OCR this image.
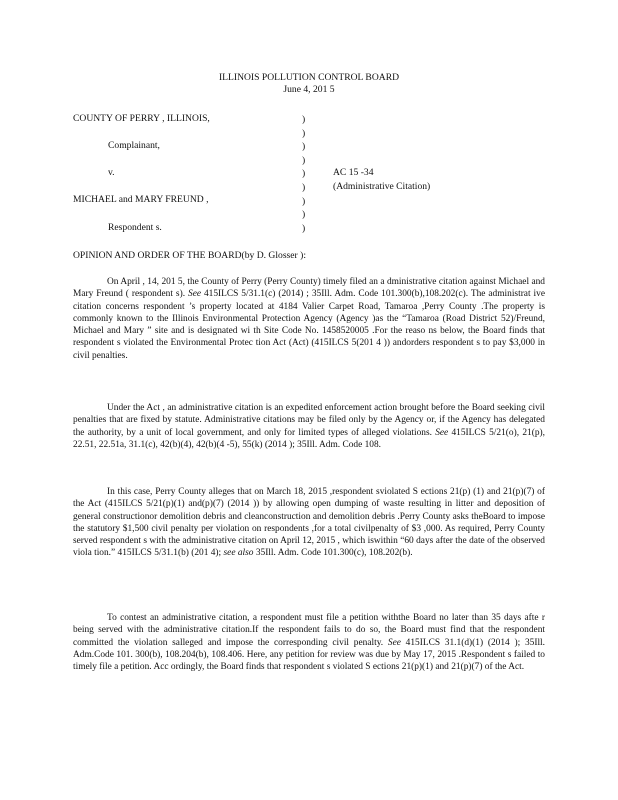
ILLINOIS POLLUTION CONTROL BOARD
June 4, 201 5
COUNTY OF PERRY , ILLINOIS,	)
)
)
)
)
)
)
)
)
Complainant,
v.	AC 15 -34
(Administrative Citation)
MICHAEL and MARY FREUND ,
Respondent s.
OPINION AND ORDER OF THE BOARD(by D. Glosser ):
On April , 14, 201 5, the County of Perry (Perry County) timely filed an a dministrative citation against Michael and Mary Freund ( respondent s). See 415ILCS 5/31.1(c) (2014) ; 35Ill. Adm. Code 101.300(b),108.202(c). The administrat ive citation concerns respondent ’s property located at 4184 Valier Carpet Road, Tamaroa ,Perry County .The property is commonly known to the Illinois Environmental Protection Agency (Agency )as the “Tamaroa (Road District 52)/Freund, Michael and Mary ” site and is designated wi th Site Code No. 1458520005 .For the reaso ns below, the Board finds that respondent s violated the Environmental Protec tion Act (Act) (415ILCS 5(201 4 )) andorders respondent s to pay $3,000 in civil penalties.
Under the Act , an administrative citation is an expedited enforcement action brought before the Board seeking civil penalties that are fixed by statute. Administrative citations may be filed only by the Agency or, if the Agency has delegated the authority, by a unit of local government, and only for limited types of alleged violations. See 415ILCS 5/21(o), 21(p), 22.51, 22.51a, 31.1(c), 42(b)(4), 42(b)(4 -5), 55(k) (2014 ); 35Ill. Adm. Code 108.
In this case, Perry County alleges that on March 18, 2015 ,respondent sviolated S ections 21(p) (1) and 21(p)(7) of the Act (415ILCS 5/21(p)(1) and(p)(7) (2014 )) by allowing open dumping of waste resulting in litter and deposition of general constructionor demolition debris and cleanconstruction and demolition debris .Perry County asks theBoard to impose the statutory $1,500 civil penalty per violation on respondents ,for a total civilpenalty of $3 ,000. As required, Perry County served respondent s with the administrative citation on April 12, 2015 , which iswithin “60 days after the date of the observed viola tion.” 415ILCS 5/31.1(b) (201 4); see also 35Ill. Adm. Code 101.300(c), 108.202(b).
To contest an administrative citation, a respondent must file a petition withthe Board no later than 35 days afte r being served with the administrative citation.If the respondent fails to do so, the Board must find that the respondent committed the violation salleged and impose the corresponding civil penalty. See 415ILCS 31.1(d)(1) (2014 ); 35Ill. Adm.Code 101. 300(b), 108.204(b), 108.406. Here, any petition for review was due by May 17, 2015 .Respondent s failed to timely file a petition. Acc ordingly, the Board finds that respondent s violated S ections 21(p)(1) and 21(p)(7) of the Act.
